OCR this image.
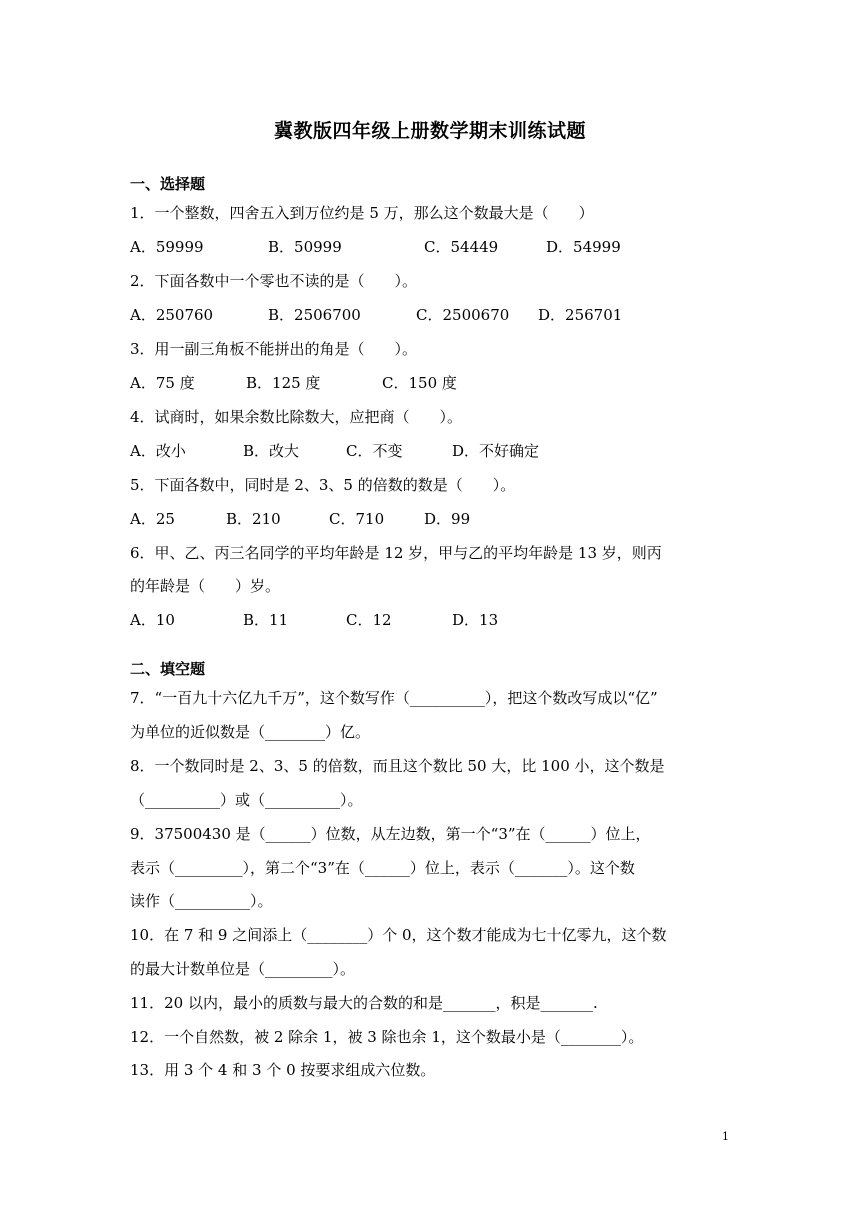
冀教版四年级上册数学期末训练试题
一、选择题
1．一个整数，四舍五入到万位约是 5 万，那么这个数最大是（　　）
A．59999	B．50999	C．54449	D．54999
2．下面各数中一个零也不读的是（　　）。
A．250760	B．2506700	C．2500670 D．256701
3．用一副三角板不能拼出的角是（　　）。
A．75 度	B．125 度	C．150 度
4．试商时，如果余数比除数大，应把商（　　）。
A．改小	B．改大	C．不变	D．不好确定
5．下面各数中，同时是 2、3、5 的倍数的数是（　　）。
A．25	B．210	C．710	D．99
6．甲、乙、丙三名同学的平均年龄是 12 岁，甲与乙的平均年龄是 13 岁，则丙
的年龄是（　　）岁。
A．10	B．11	C．12	D．13
二、填空题
7．“一百九十六亿九千万”，这个数写作（__________），把这个数改写成以“亿”
为单位的近似数是（________）亿。
8．一个数同时是 2、3、5 的倍数，而且这个数比 50 大，比 100 小，这个数是
（__________）或（__________）。
9．37500430 是（______）位数，从左边数，第一个“3”在（______）位上，
表示（_________），第二个“3”在（______）位上，表示（_______）。这个数
读作（__________）。
10．在 7 和 9 之间添上（________）个 0，这个数才能成为七十亿零九，这个数
的最大计数单位是（_________）。
11．20 以内，最小的质数与最大的合数的和是_______，积是_______.
12．一个自然数，被 2 除余 1，被 3 除也余 1，这个数最小是（________）。
13．用 3 个 4 和 3 个 0 按要求组成六位数。
1
